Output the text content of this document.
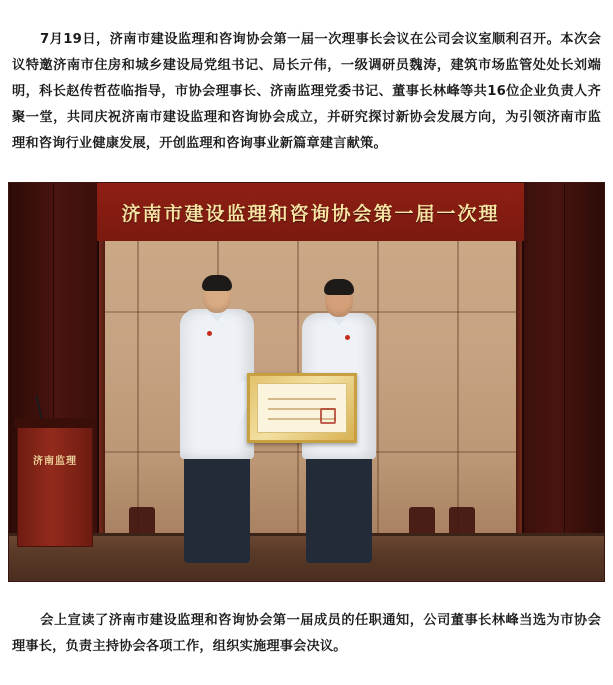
7月19日，济南市建设监理和咨询协会第一届一次理事长会议在公司会议室顺利召开。本次会议特邀济南市住房和城乡建设局党组书记、局长亓伟，一级调研员魏涛，建筑市场监管处处长刘端明，科长赵传哲莅临指导，市协会理事长、济南监理党委书记、董事长林峰等共16位企业负责人齐聚一堂，共同庆祝济南市建设监理和咨询协会成立，并研究探讨新协会发展方向，为引领济南市监理和咨询行业健康发展，开创监理和咨询事业新篇章建言献策。

济南市建设监理和咨询协会第一届一次理
济南监理

会上宣读了济南市建设监理和咨询协会第一届成员的任职通知，公司董事长林峰当选为市协会理事长，负责主持协会各项工作，组织实施理事会决议。
